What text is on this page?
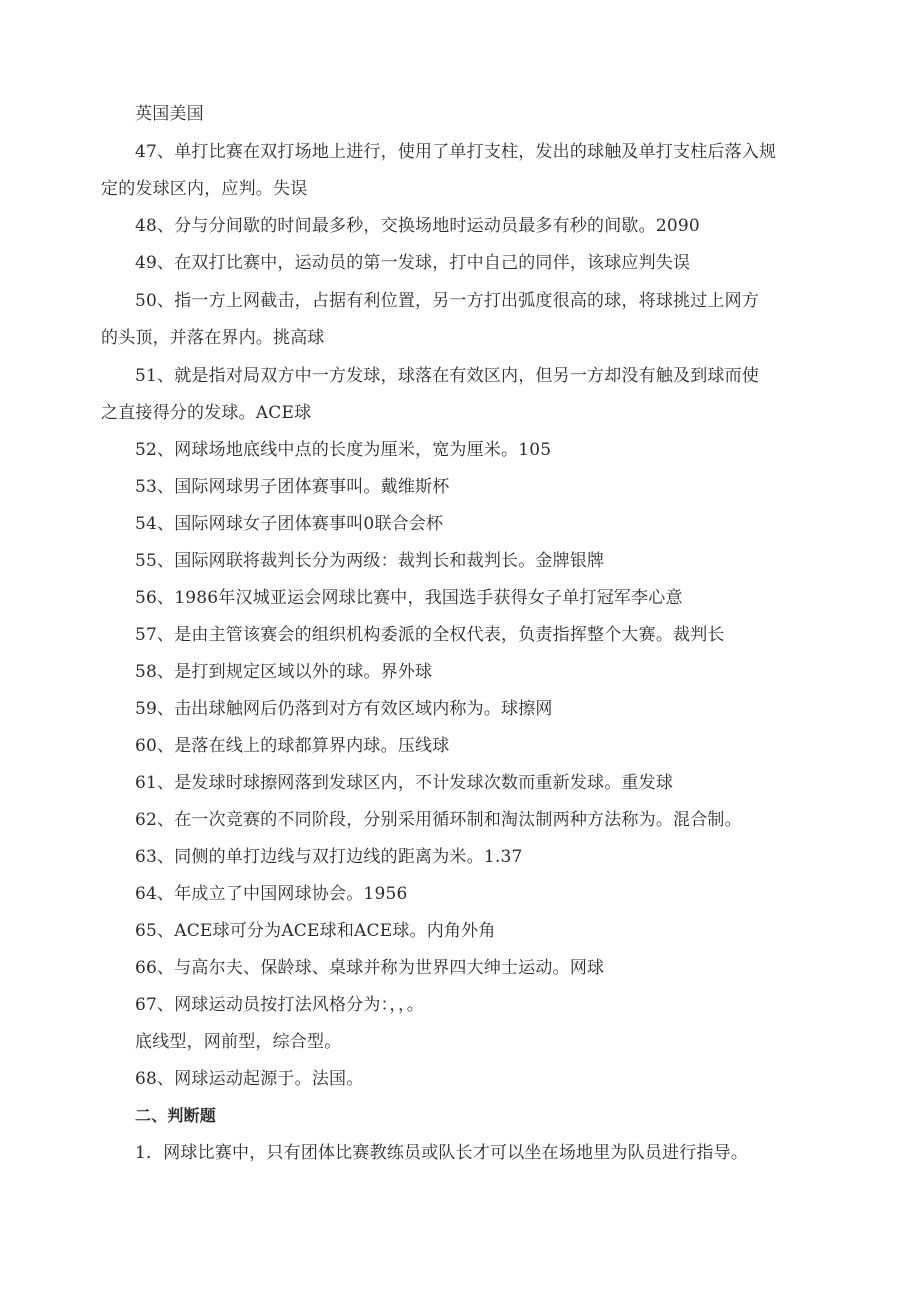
英国美国
47、单打比赛在双打场地上进行，使用了单打支柱，发出的球触及单打支柱后落入规
定的发球区内，应判。失误
48、分与分间歇的时间最多秒，交换场地时运动员最多有秒的间歇。2090
49、在双打比赛中，运动员的第一发球，打中自己的同伴，该球应判失误
50、指一方上网截击，占据有利位置，另一方打出弧度很高的球，将球挑过上网方
的头顶，并落在界内。挑高球
51、就是指对局双方中一方发球，球落在有效区内，但另一方却没有触及到球而使
之直接得分的发球。ACE球
52、网球场地底线中点的长度为厘米，宽为厘米。105
53、国际网球男子团体赛事叫。戴维斯杯
54、国际网球女子团体赛事叫0联合会杯
55、国际网联将裁判长分为两级：裁判长和裁判长。金牌银牌
56、1986年汉城亚运会网球比赛中，我国选手获得女子单打冠军李心意
57、是由主管该赛会的组织机构委派的全权代表，负责指挥整个大赛。裁判长
58、是打到规定区域以外的球。界外球
59、击出球触网后仍落到对方有效区域内称为。球擦网
60、是落在线上的球都算界内球。压线球
61、是发球时球擦网落到发球区内，不计发球次数而重新发球。重发球
62、在一次竞赛的不同阶段，分别采用循环制和淘汰制两种方法称为。混合制。
63、同侧的单打边线与双打边线的距离为米。1.37
64、年成立了中国网球协会。1956
65、ACE球可分为ACE球和ACE球。内角外角
66、与高尔夫、保龄球、桌球并称为世界四大绅士运动。网球
67、网球运动员按打法风格分为：，，。
底线型，网前型，综合型。
68、网球运动起源于。法国。
二、判断题
1．网球比赛中，只有团体比赛教练员或队长才可以坐在场地里为队员进行指导。
